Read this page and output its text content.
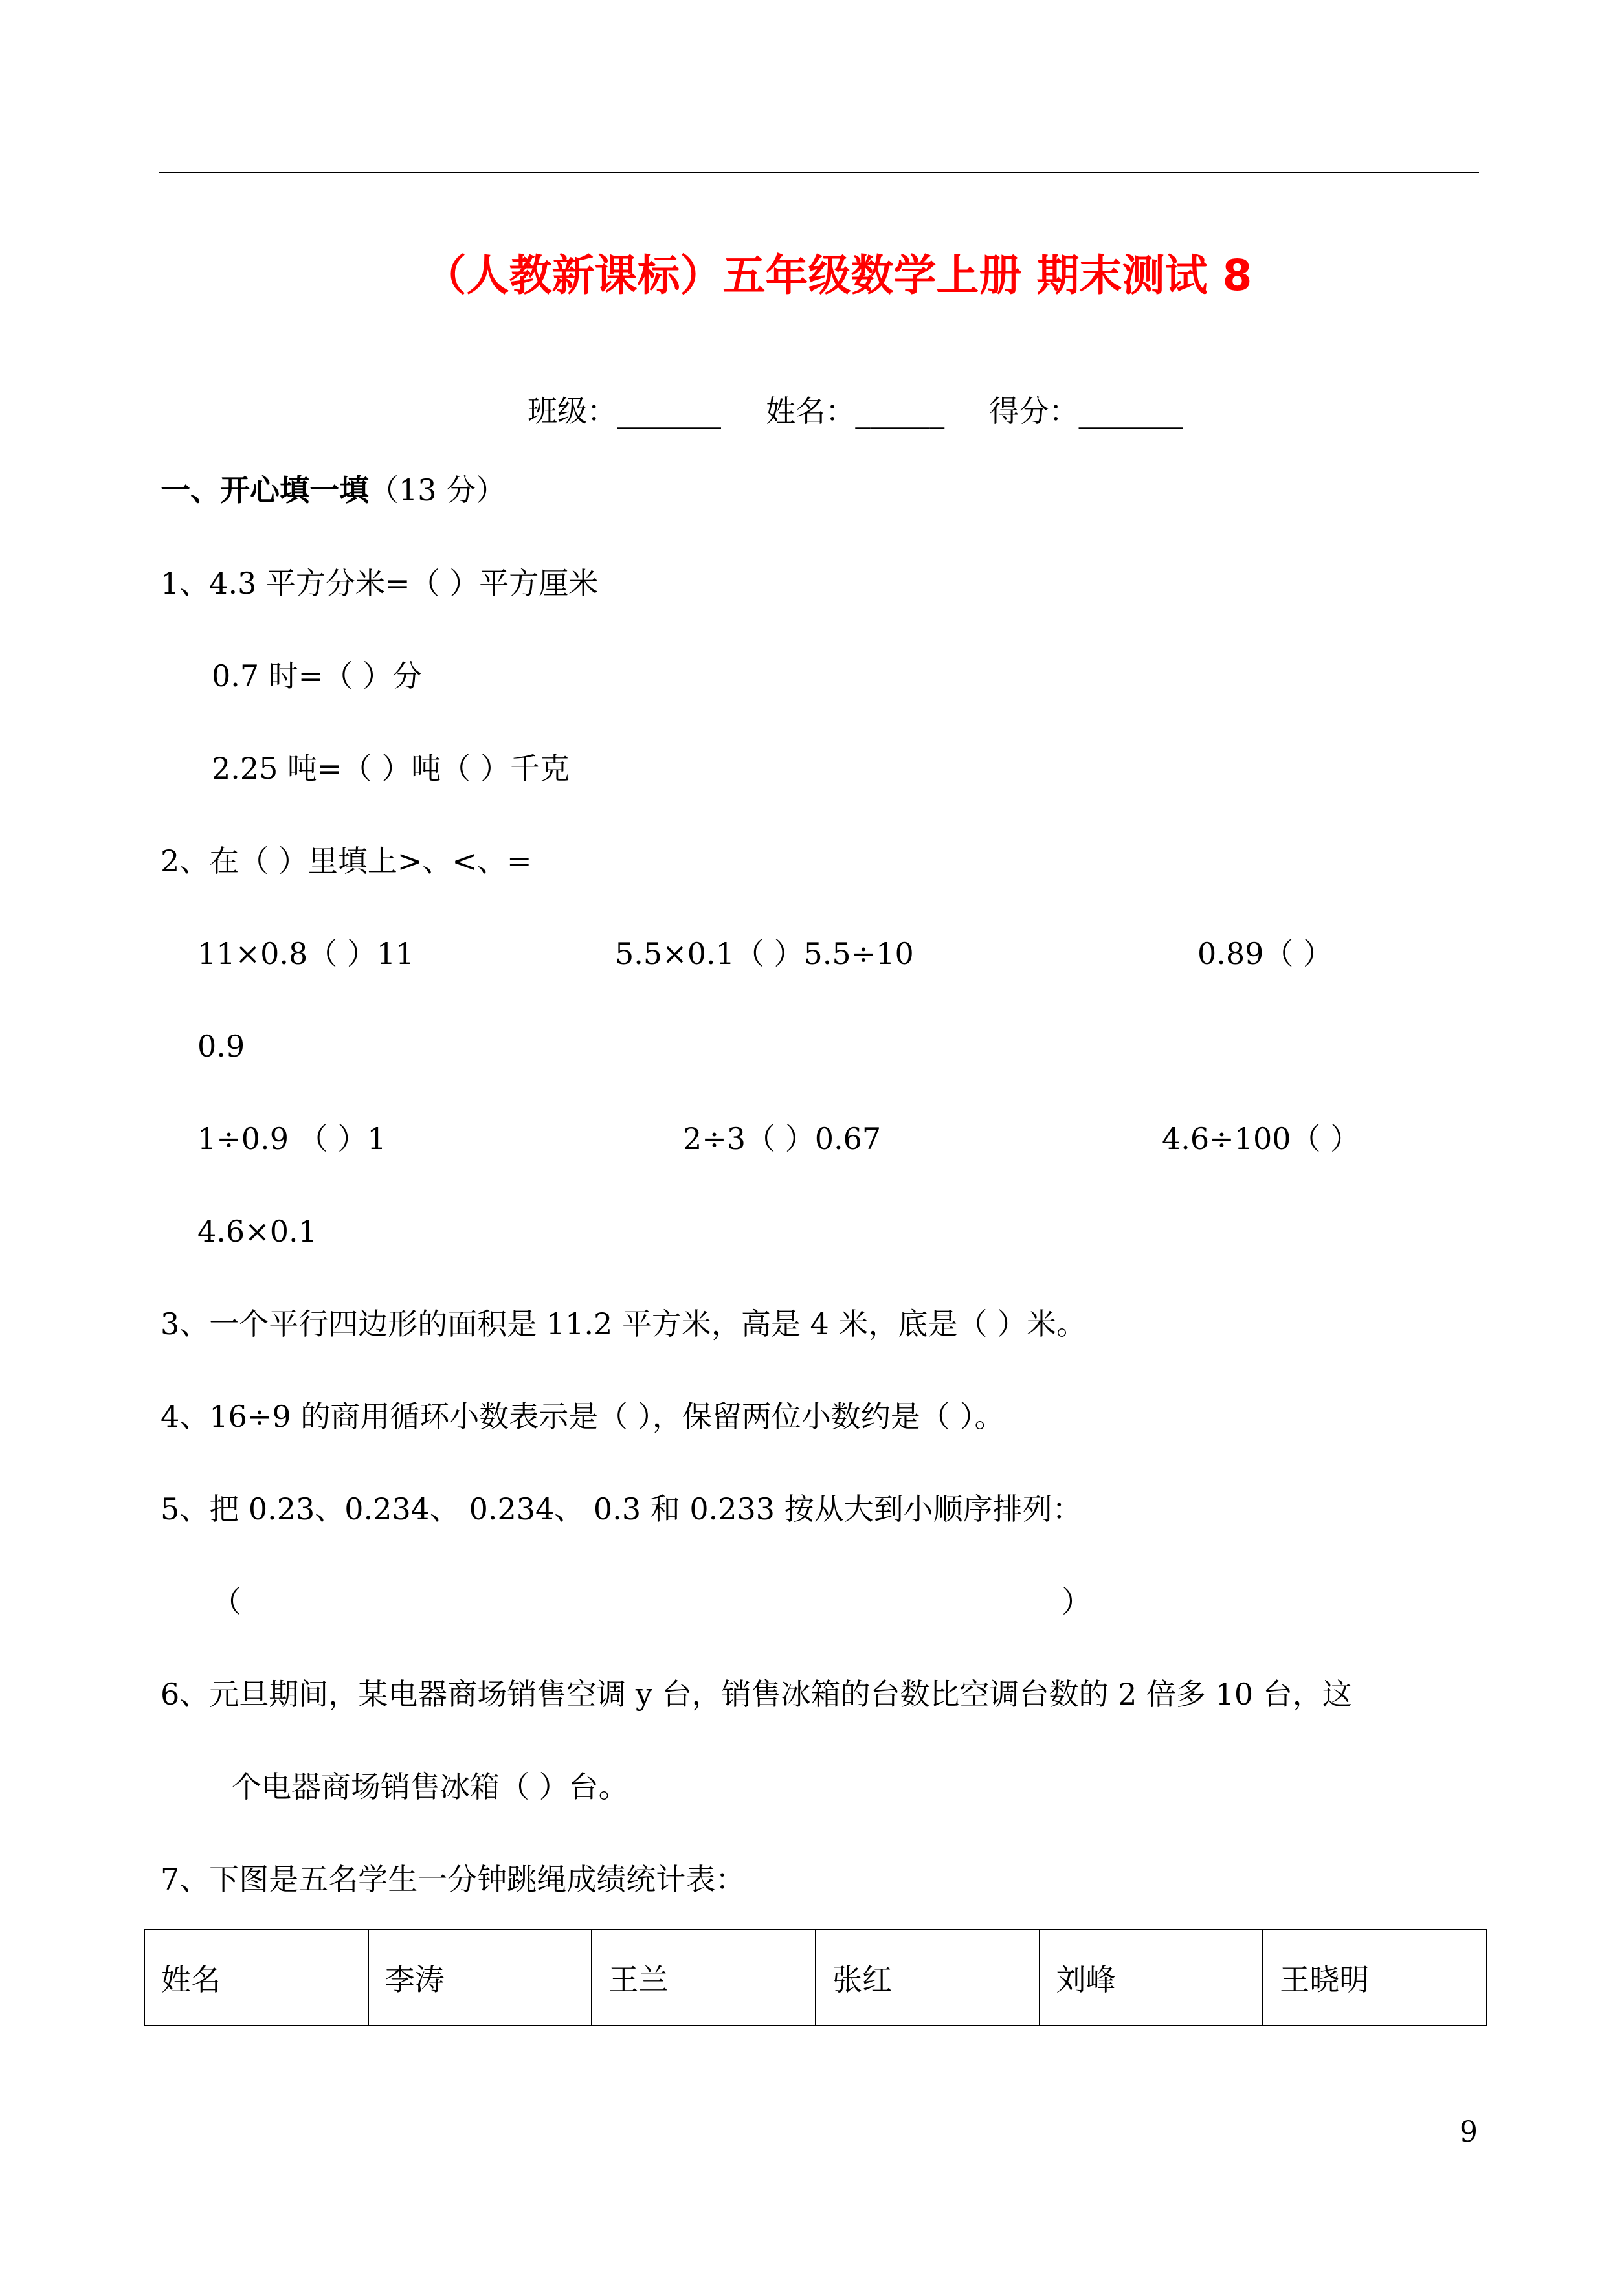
（人教新课标）五年级数学上册 期末测试 8
班级：_______ 姓名：______ 得分：_______
一、开心填一填（13 分）
1、4.3 平方分米=（ ）平方厘米
0.7 时=（ ）分
2.25 吨=（ ）吨（ ）千克
2、在（ ）里填上>、<、=
11×0.8（ ）11	5.5×0.1（ ）5.5÷10	0.89（ ）
0.9
1÷0.9 （ ）1	2÷3（ ）0.67	4.6÷100（ ）
4.6×0.1
3、一个平行四边形的面积是 11.2 平方米，高是 4 米，底是（ ）米。
4、16÷9 的商用循环小数表示是（ ），保留两位小数约是（ ）。
5、把 0.23、0.234、 0.234、 0.3 和 0.233 按从大到小顺序排列：
（	）
6、元旦期间，某电器商场销售空调 y 台，销售冰箱的台数比空调台数的 2 倍多 10 台，这
个电器商场销售冰箱（ ）台。
7、下图是五名学生一分钟跳绳成绩统计表：
姓名	李涛	王兰	张红	刘峰	王晓明
9
